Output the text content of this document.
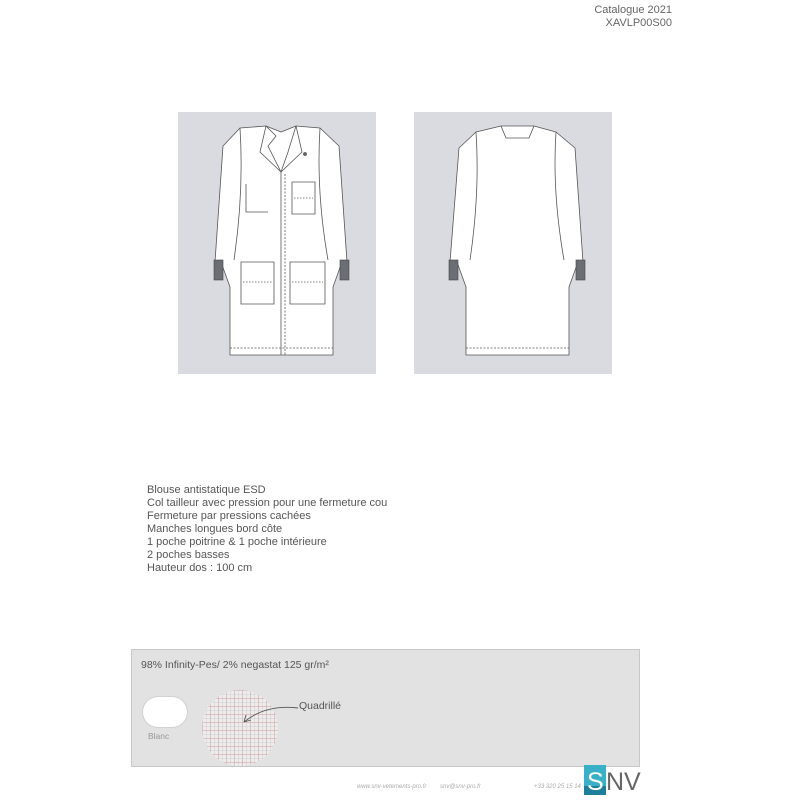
Catalogue 2021
XAVLP00S00
Blouse antistatique ESD
Col tailleur avec pression pour une fermeture cou
Fermeture par pressions cachées
Manches longues bord côte
1 poche poitrine & 1 poche intérieure
2 poches basses
Hauteur dos : 100 cm
98% Infinity-Pes/ 2% negastat 125 gr/m²
Blanc
Quadrillé
www.snv-vetements-pro.fr snv@snv-pro.fr	+33 320 25 15 14 S NV
